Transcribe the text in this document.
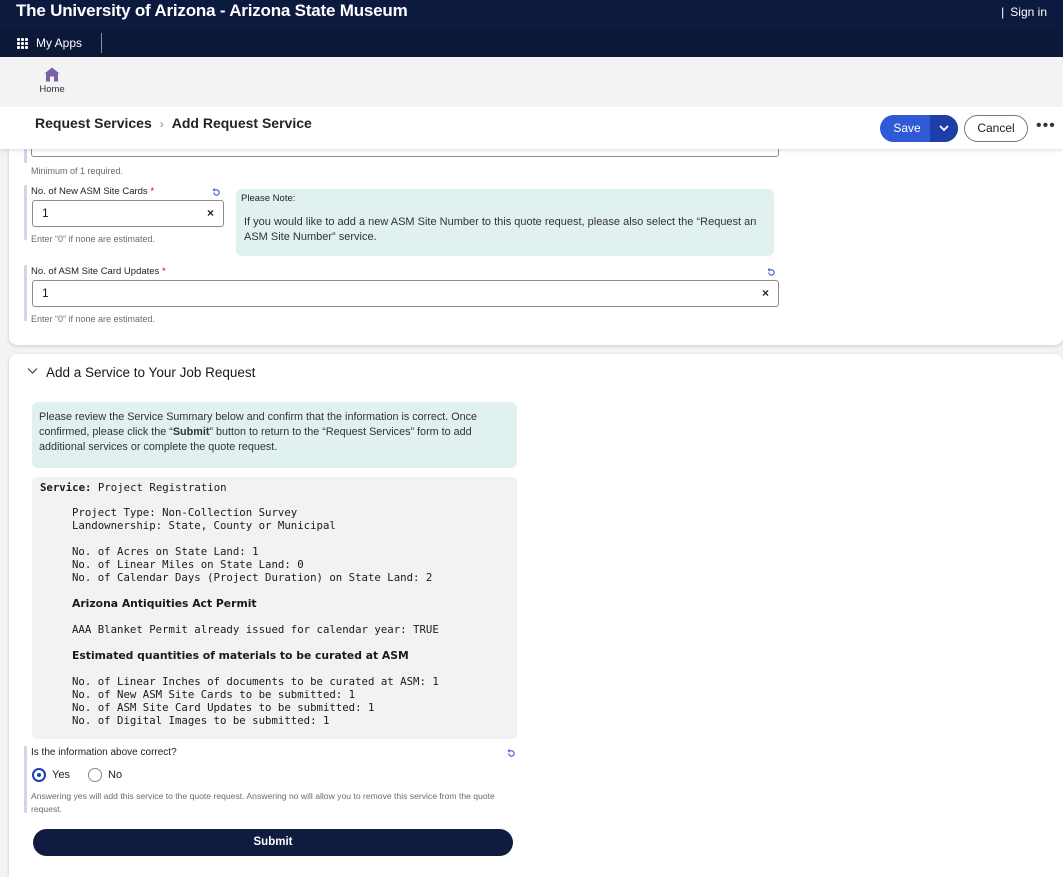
The University of Arizona - Arizona State Museum	| Sign in
My Apps
Home
Request Services › Add Request Service	Save	Cancel	•••
Minimum of 1 required.
No. of New ASM Site Cards *
1	×
Enter “0” if none are estimated.
Please Note:
If you would like to add a new ASM Site Number to this quote request, please also select the “Request an ASM Site Number” service.
No. of ASM Site Card Updates *
1	×
Enter “0” if none are estimated.
Add a Service to Your Job Request
Please review the Service Summary below and confirm that the information is correct. Once confirmed, please click the “Submit” button to return to the “Request Services” form to add additional services or complete the quote request.
Service: Project Registration
Project Type: Non-Collection Survey
Landownership: State, County or Municipal
No. of Acres on State Land: 1
No. of Linear Miles on State Land: 0
No. of Calendar Days (Project Duration) on State Land: 2
Arizona Antiquities Act Permit
AAA Blanket Permit already issued for calendar year: TRUE
Estimated quantities of materials to be curated at ASM
No. of Linear Inches of documents to be curated at ASM: 1
No. of New ASM Site Cards to be submitted: 1
No. of ASM Site Card Updates to be submitted: 1
No. of Digital Images to be submitted: 1
Is the information above correct?
Yes	No
Answering yes will add this service to the quote request. Answering no will allow you to remove this service from the quote request.
Submit
